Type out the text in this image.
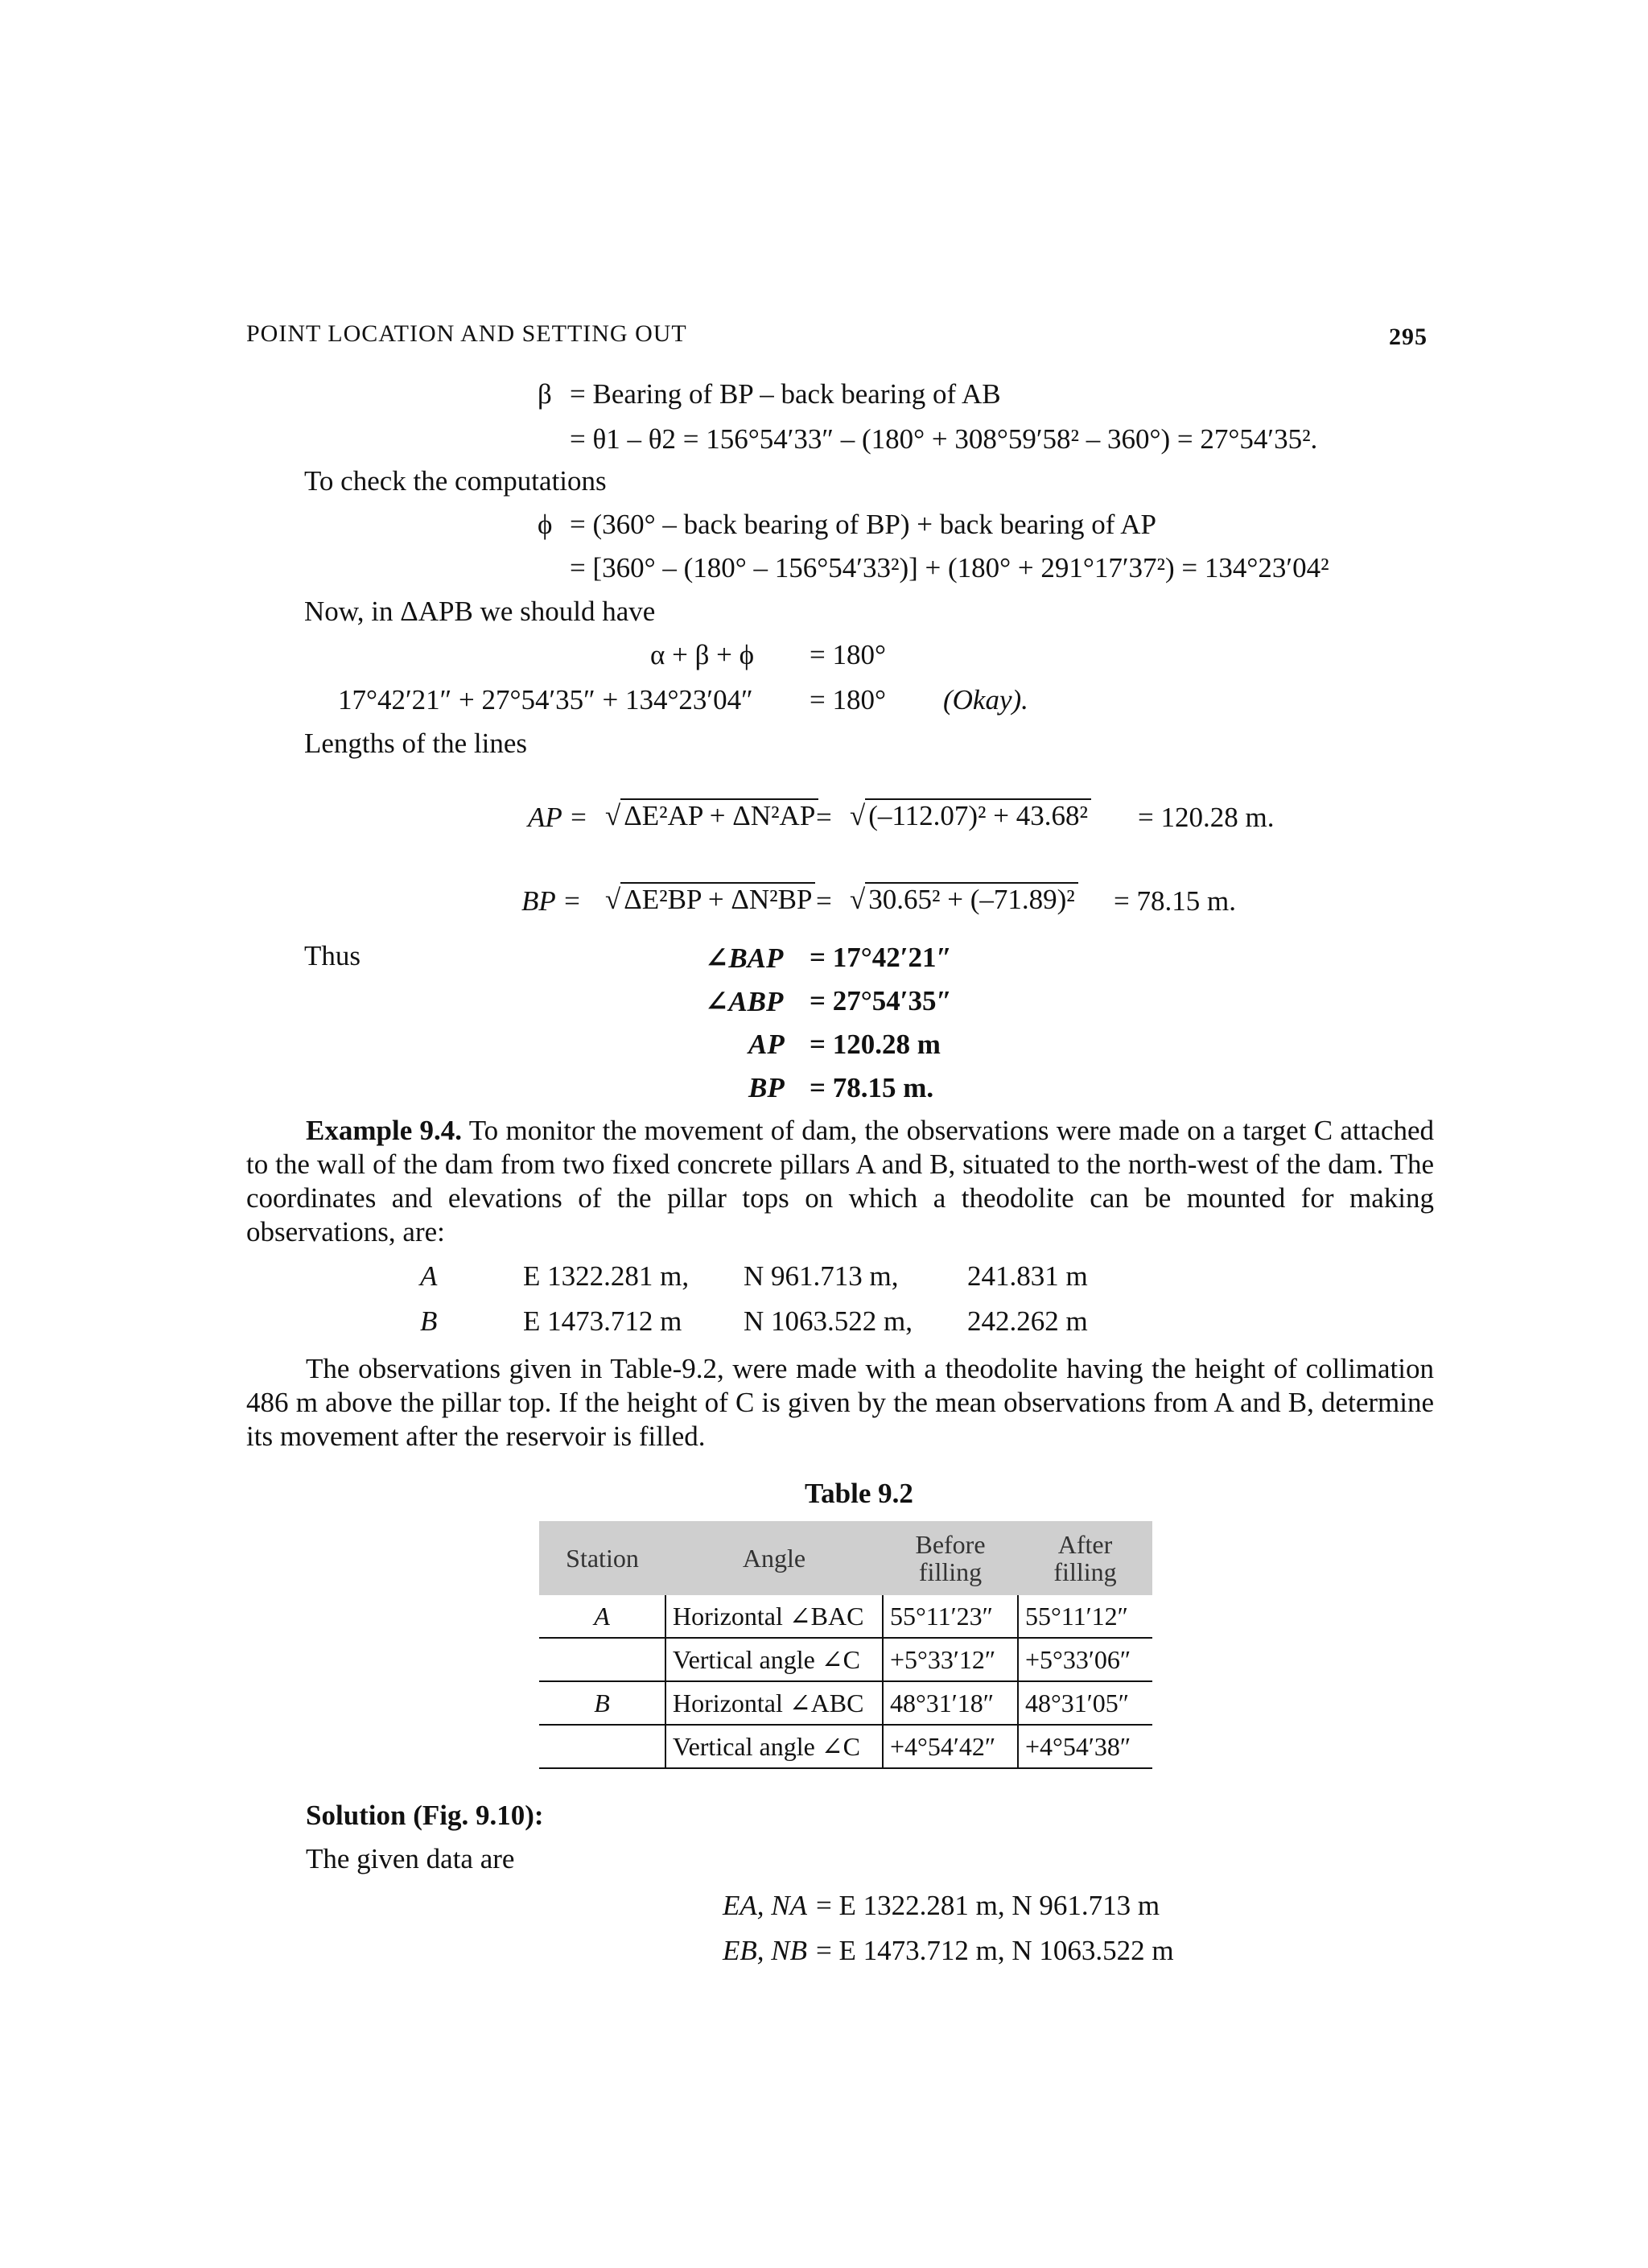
POINT LOCATION AND SETTING OUT	295
β = Bearing of BP – back bearing of AB
= θ1 – θ2 = 156°54′33″ – (180° + 308°59′58² – 360°) = 27°54′35².
To check the computations
ϕ = (360° – back bearing of BP) + back bearing of AP
= [360° – (180° – 156°54′33²)] + (180° + 291°17′37²) = 134°23′04²
Now, in ΔAPB we should have
α + β + ϕ = 180°
17°42′21″ + 27°54′35″ + 134°23′04″ = 180° (Okay).
Lengths of the lines
AP = √ ΔE²AP + ΔN²AP = √ (–112.07)² + 43.68² = 120.28 m.
BP = √ ΔE²BP + ΔN²BP = √ 30.65² + (–71.89)² = 78.15 m.
Thus	∠BAP = 17°42′21″
∠ABP = 27°54′35″
AP = 120.28 m
BP = 78.15 m.
Example 9.4. To monitor the movement of dam, the observations were made on a target C attached to the wall of the dam from two fixed concrete pillars A and B, situated to the north-west of the dam. The coordinates and elevations of the pillar tops on which a theodolite can be mounted for making observations, are:
A	E 1322.281 m, N 961.713 m, 241.831 m
B	E 1473.712 m N 1063.522 m, 242.262 m
The observations given in Table-9.2, were made with a theodolite having the height of collimation 486 m above the pillar top. If the height of C is given by the mean observations from A and B, determine its movement after the reservoir is filled.
Table 9.2
Station	Angle	Before filling	After filling
A	Horizontal ∠BAC	55°11′23″	55°11′12″
	Vertical angle ∠C	+5°33′12″	+5°33′06″
B	Horizontal ∠ABC	48°31′18″	48°31′05″
	Vertical angle ∠C	+4°54′42″	+4°54′38″
Solution (Fig. 9.10):
The given data are
EA, NA = E 1322.281 m, N 961.713 m
EB, NB = E 1473.712 m, N 1063.522 m
